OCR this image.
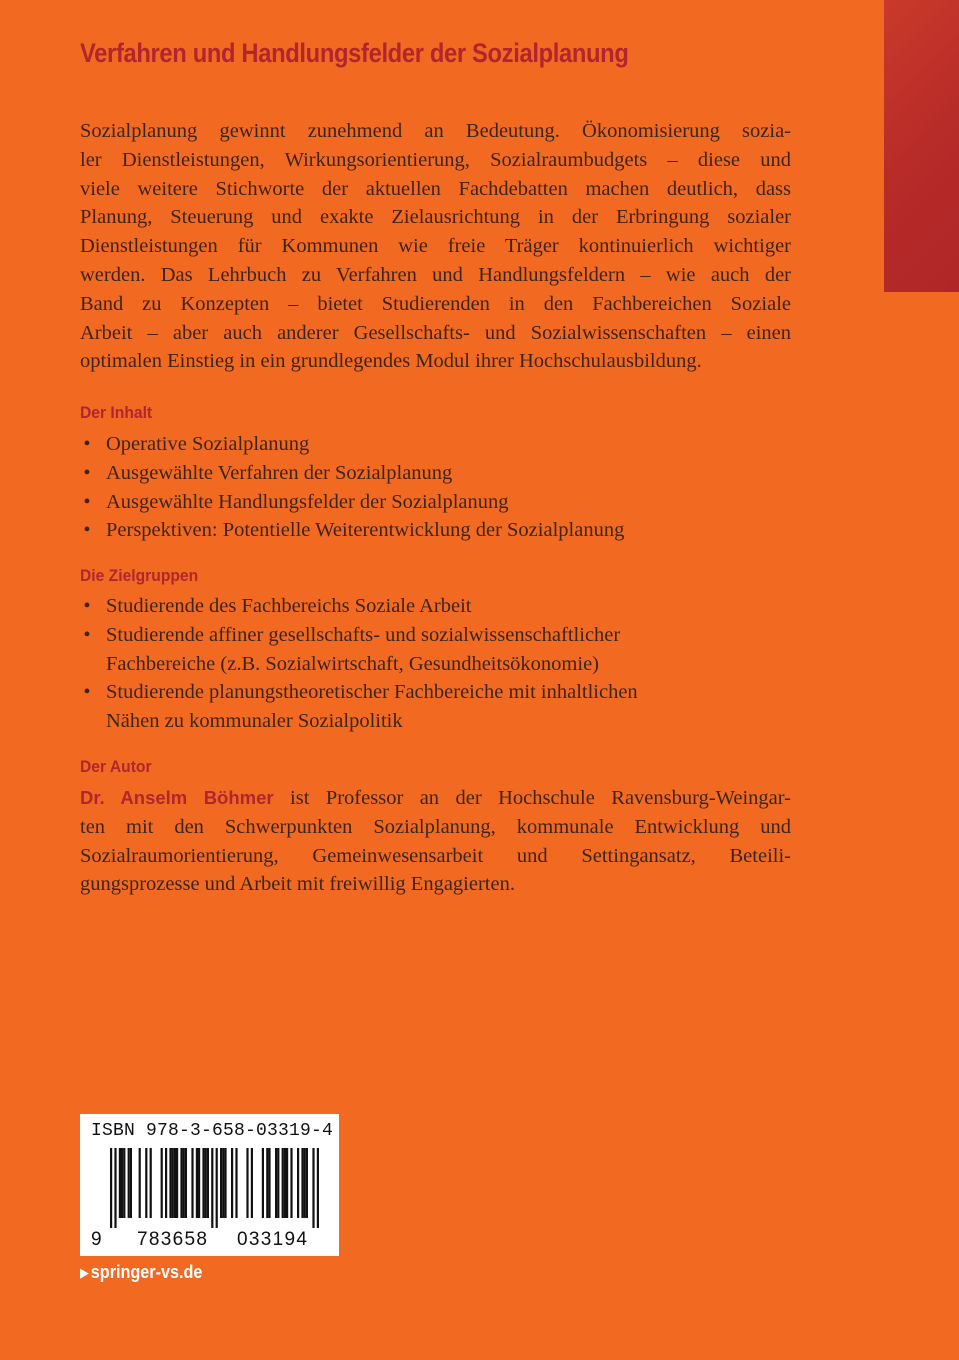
Verfahren und Handlungsfelder der Sozialplanung
Sozialplanung gewinnt zunehmend an Bedeutung. Ökonomisierung sozia-
ler Dienstleistungen, Wirkungsorientierung, Sozialraumbudgets – diese und
viele weitere Stichworte der aktuellen Fachdebatten machen deutlich, dass
Planung, Steuerung und exakte Zielausrichtung in der Erbringung sozialer
Dienstleistungen für Kommunen wie freie Träger kontinuierlich wichtiger
werden. Das Lehrbuch zu Verfahren und Handlungsfeldern – wie auch der
Band zu Konzepten – bietet Studierenden in den Fachbereichen Soziale
Arbeit – aber auch anderer Gesellschafts- und Sozialwissenschaften – einen
optimalen Einstieg in ein grundlegendes Modul ihrer Hochschulausbildung.
Der Inhalt
• Operative Sozialplanung
• Ausgewählte Verfahren der Sozialplanung
• Ausgewählte Handlungsfelder der Sozialplanung
• Perspektiven: Potentielle Weiterentwicklung der Sozialplanung
Die Zielgruppen
• Studierende des Fachbereichs Soziale Arbeit
• Studierende affiner gesellschafts- und sozialwissenschaftlicher
Fachbereiche (z.B. Sozialwirtschaft, Gesundheitsökonomie)
• Studierende planungstheoretischer Fachbereiche mit inhaltlichen
Nähen zu kommunaler Sozialpolitik
Der Autor
Dr. Anselm Böhmer ist Professor an der Hochschule Ravensburg-Weingar-
ten mit den Schwerpunkten Sozialplanung, kommunale Entwicklung und
Sozialraumorientierung, Gemeinwesensarbeit und Settingansatz, Beteili-
gungsprozesse und Arbeit mit freiwillig Engagierten.
ISBN 978-3-658-03319-4
9 783658 033194
▶ springer-vs.de
